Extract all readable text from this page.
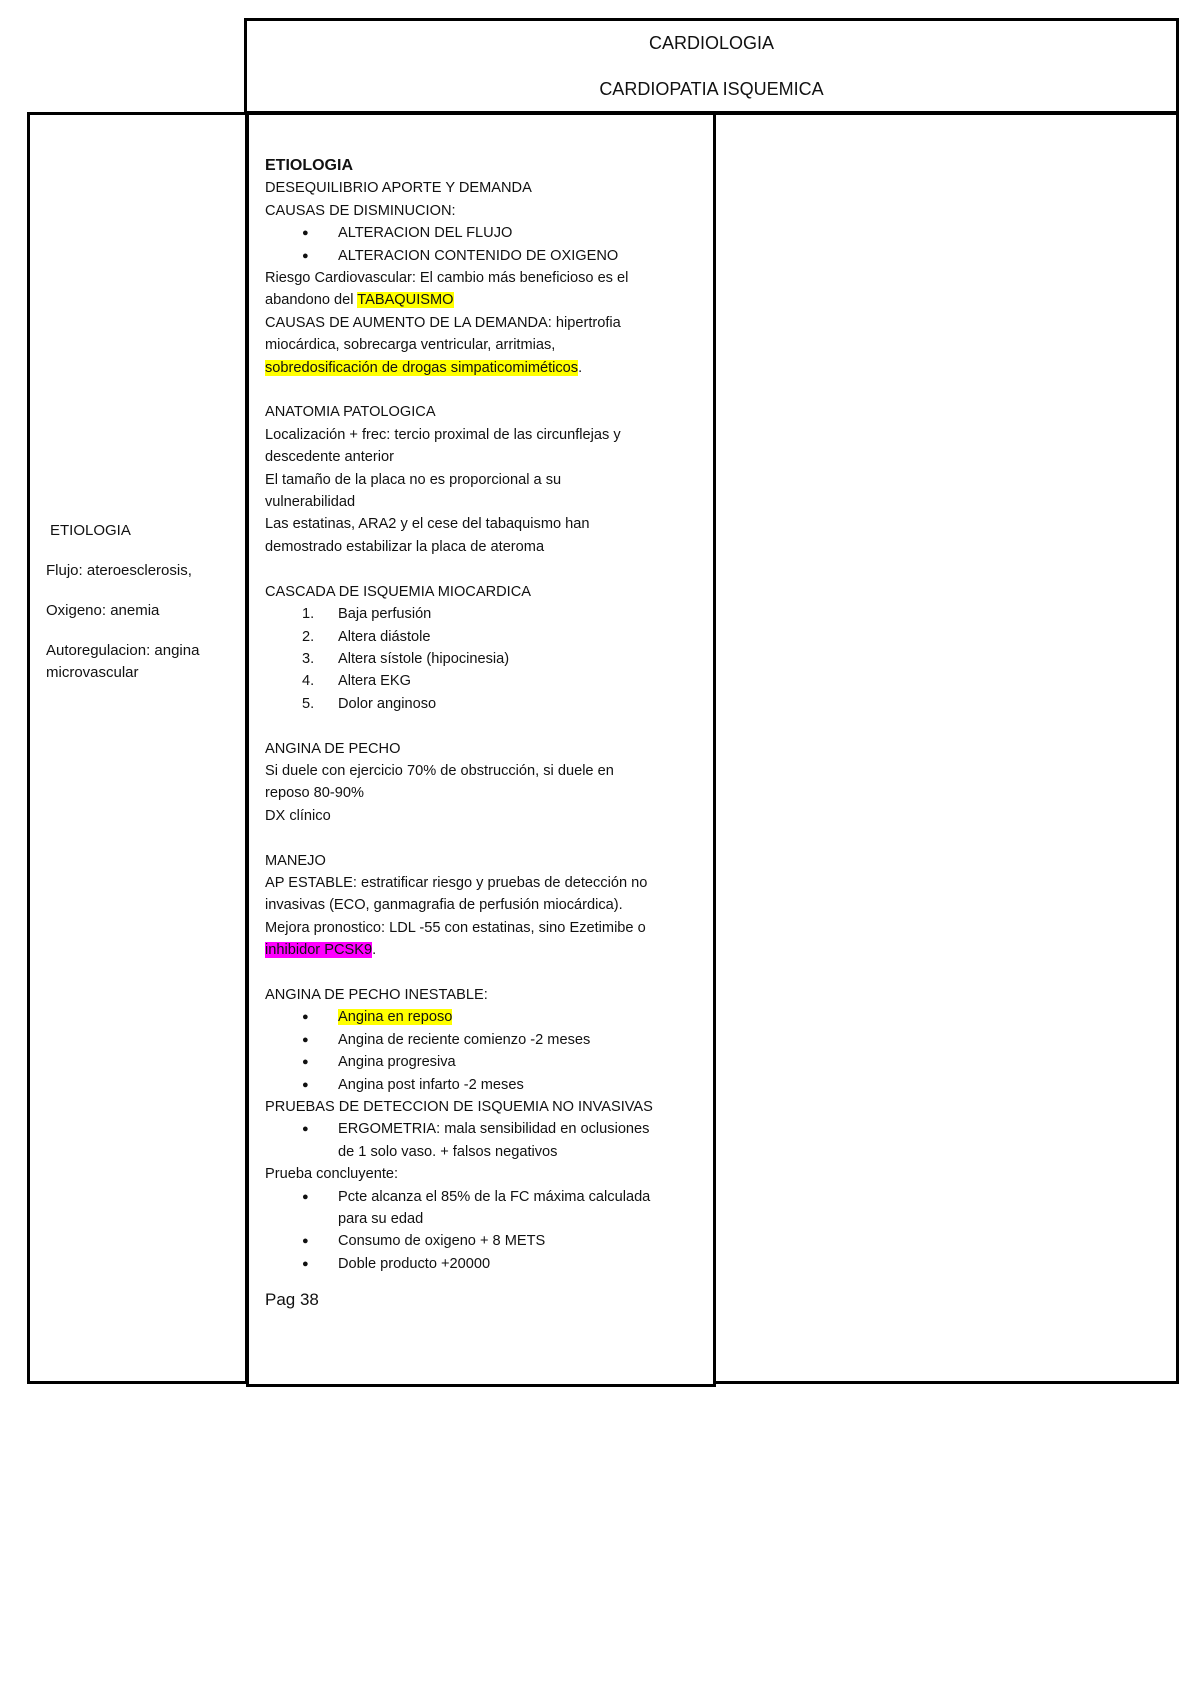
CARDIOLOGIA
CARDIOPATIA ISQUEMICA

ETIOLOGIA

Flujo: ateroesclerosis,

Oxigeno: anemia

Autoregulacion: angina microvascular

ETIOLOGIA
DESEQUILIBRIO APORTE Y DEMANDA
CAUSAS DE DISMINUCION:
● ALTERACION DEL FLUJO
● ALTERACION CONTENIDO DE OXIGENO
Riesgo Cardiovascular: El cambio más beneficioso es el
abandono del TABAQUISMO
CAUSAS DE AUMENTO DE LA DEMANDA: hipertrofia
miocárdica, sobrecarga ventricular, arritmias,
sobredosificación de drogas simpaticomiméticos.
ANATOMIA PATOLOGICA
Localización + frec: tercio proximal de las circunflejas y
descedente anterior
El tamaño de la placa no es proporcional a su
vulnerabilidad
Las estatinas, ARA2 y el cese del tabaquismo han
demostrado estabilizar la placa de ateroma
CASCADA DE ISQUEMIA MIOCARDICA
1. Baja perfusión
2. Altera diástole
3. Altera sístole (hipocinesia)
4. Altera EKG
5. Dolor anginoso
ANGINA DE PECHO
Si duele con ejercicio 70% de obstrucción, si duele en
reposo 80-90%
DX clínico
MANEJO
AP ESTABLE: estratificar riesgo y pruebas de detección no
invasivas (ECO, ganmagrafia de perfusión miocárdica).
Mejora pronostico: LDL -55 con estatinas, sino Ezetimibe o
inhibidor PCSK9.
ANGINA DE PECHO INESTABLE:
● Angina en reposo
● Angina de reciente comienzo -2 meses
● Angina progresiva
● Angina post infarto -2 meses
PRUEBAS DE DETECCION DE ISQUEMIA NO INVASIVAS
● ERGOMETRIA: mala sensibilidad en oclusiones
de 1 solo vaso. + falsos negativos
Prueba concluyente:
● Pcte alcanza el 85% de la FC máxima calculada
para su edad
● Consumo de oxigeno + 8 METS
● Doble producto +20000
Pag 38
